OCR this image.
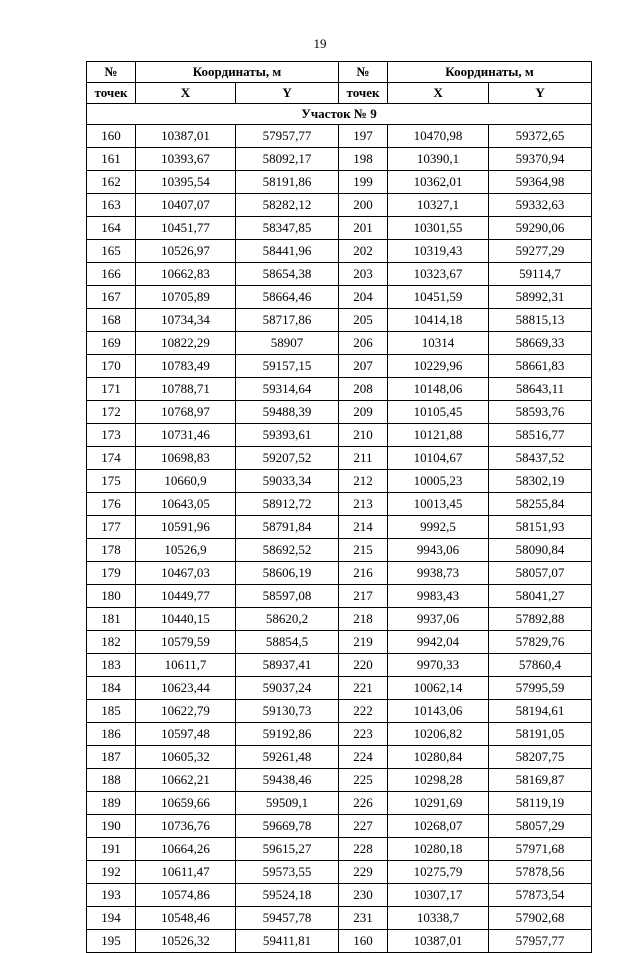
19
№	Координаты, м		№	Координаты, м	
точек	X	Y	точек	X	Y
Участок № 9					
160	10387,01	57957,77	197	10470,98	59372,65
161	10393,67	58092,17	198	10390,1	59370,94
162	10395,54	58191,86	199	10362,01	59364,98
163	10407,07	58282,12	200	10327,1	59332,63
164	10451,77	58347,85	201	10301,55	59290,06
165	10526,97	58441,96	202	10319,43	59277,29
166	10662,83	58654,38	203	10323,67	59114,7
167	10705,89	58664,46	204	10451,59	58992,31
168	10734,34	58717,86	205	10414,18	58815,13
169	10822,29	58907	206	10314	58669,33
170	10783,49	59157,15	207	10229,96	58661,83
171	10788,71	59314,64	208	10148,06	58643,11
172	10768,97	59488,39	209	10105,45	58593,76
173	10731,46	59393,61	210	10121,88	58516,77
174	10698,83	59207,52	211	10104,67	58437,52
175	10660,9	59033,34	212	10005,23	58302,19
176	10643,05	58912,72	213	10013,45	58255,84
177	10591,96	58791,84	214	9992,5	58151,93
178	10526,9	58692,52	215	9943,06	58090,84
179	10467,03	58606,19	216	9938,73	58057,07
180	10449,77	58597,08	217	9983,43	58041,27
181	10440,15	58620,2	218	9937,06	57892,88
182	10579,59	58854,5	219	9942,04	57829,76
183	10611,7	58937,41	220	9970,33	57860,4
184	10623,44	59037,24	221	10062,14	57995,59
185	10622,79	59130,73	222	10143,06	58194,61
186	10597,48	59192,86	223	10206,82	58191,05
187	10605,32	59261,48	224	10280,84	58207,75
188	10662,21	59438,46	225	10298,28	58169,87
189	10659,66	59509,1	226	10291,69	58119,19
190	10736,76	59669,78	227	10268,07	58057,29
191	10664,26	59615,27	228	10280,18	57971,68
192	10611,47	59573,55	229	10275,79	57878,56
193	10574,86	59524,18	230	10307,17	57873,54
194	10548,46	59457,78	231	10338,7	57902,68
195	10526,32	59411,81	160	10387,01	57957,77
